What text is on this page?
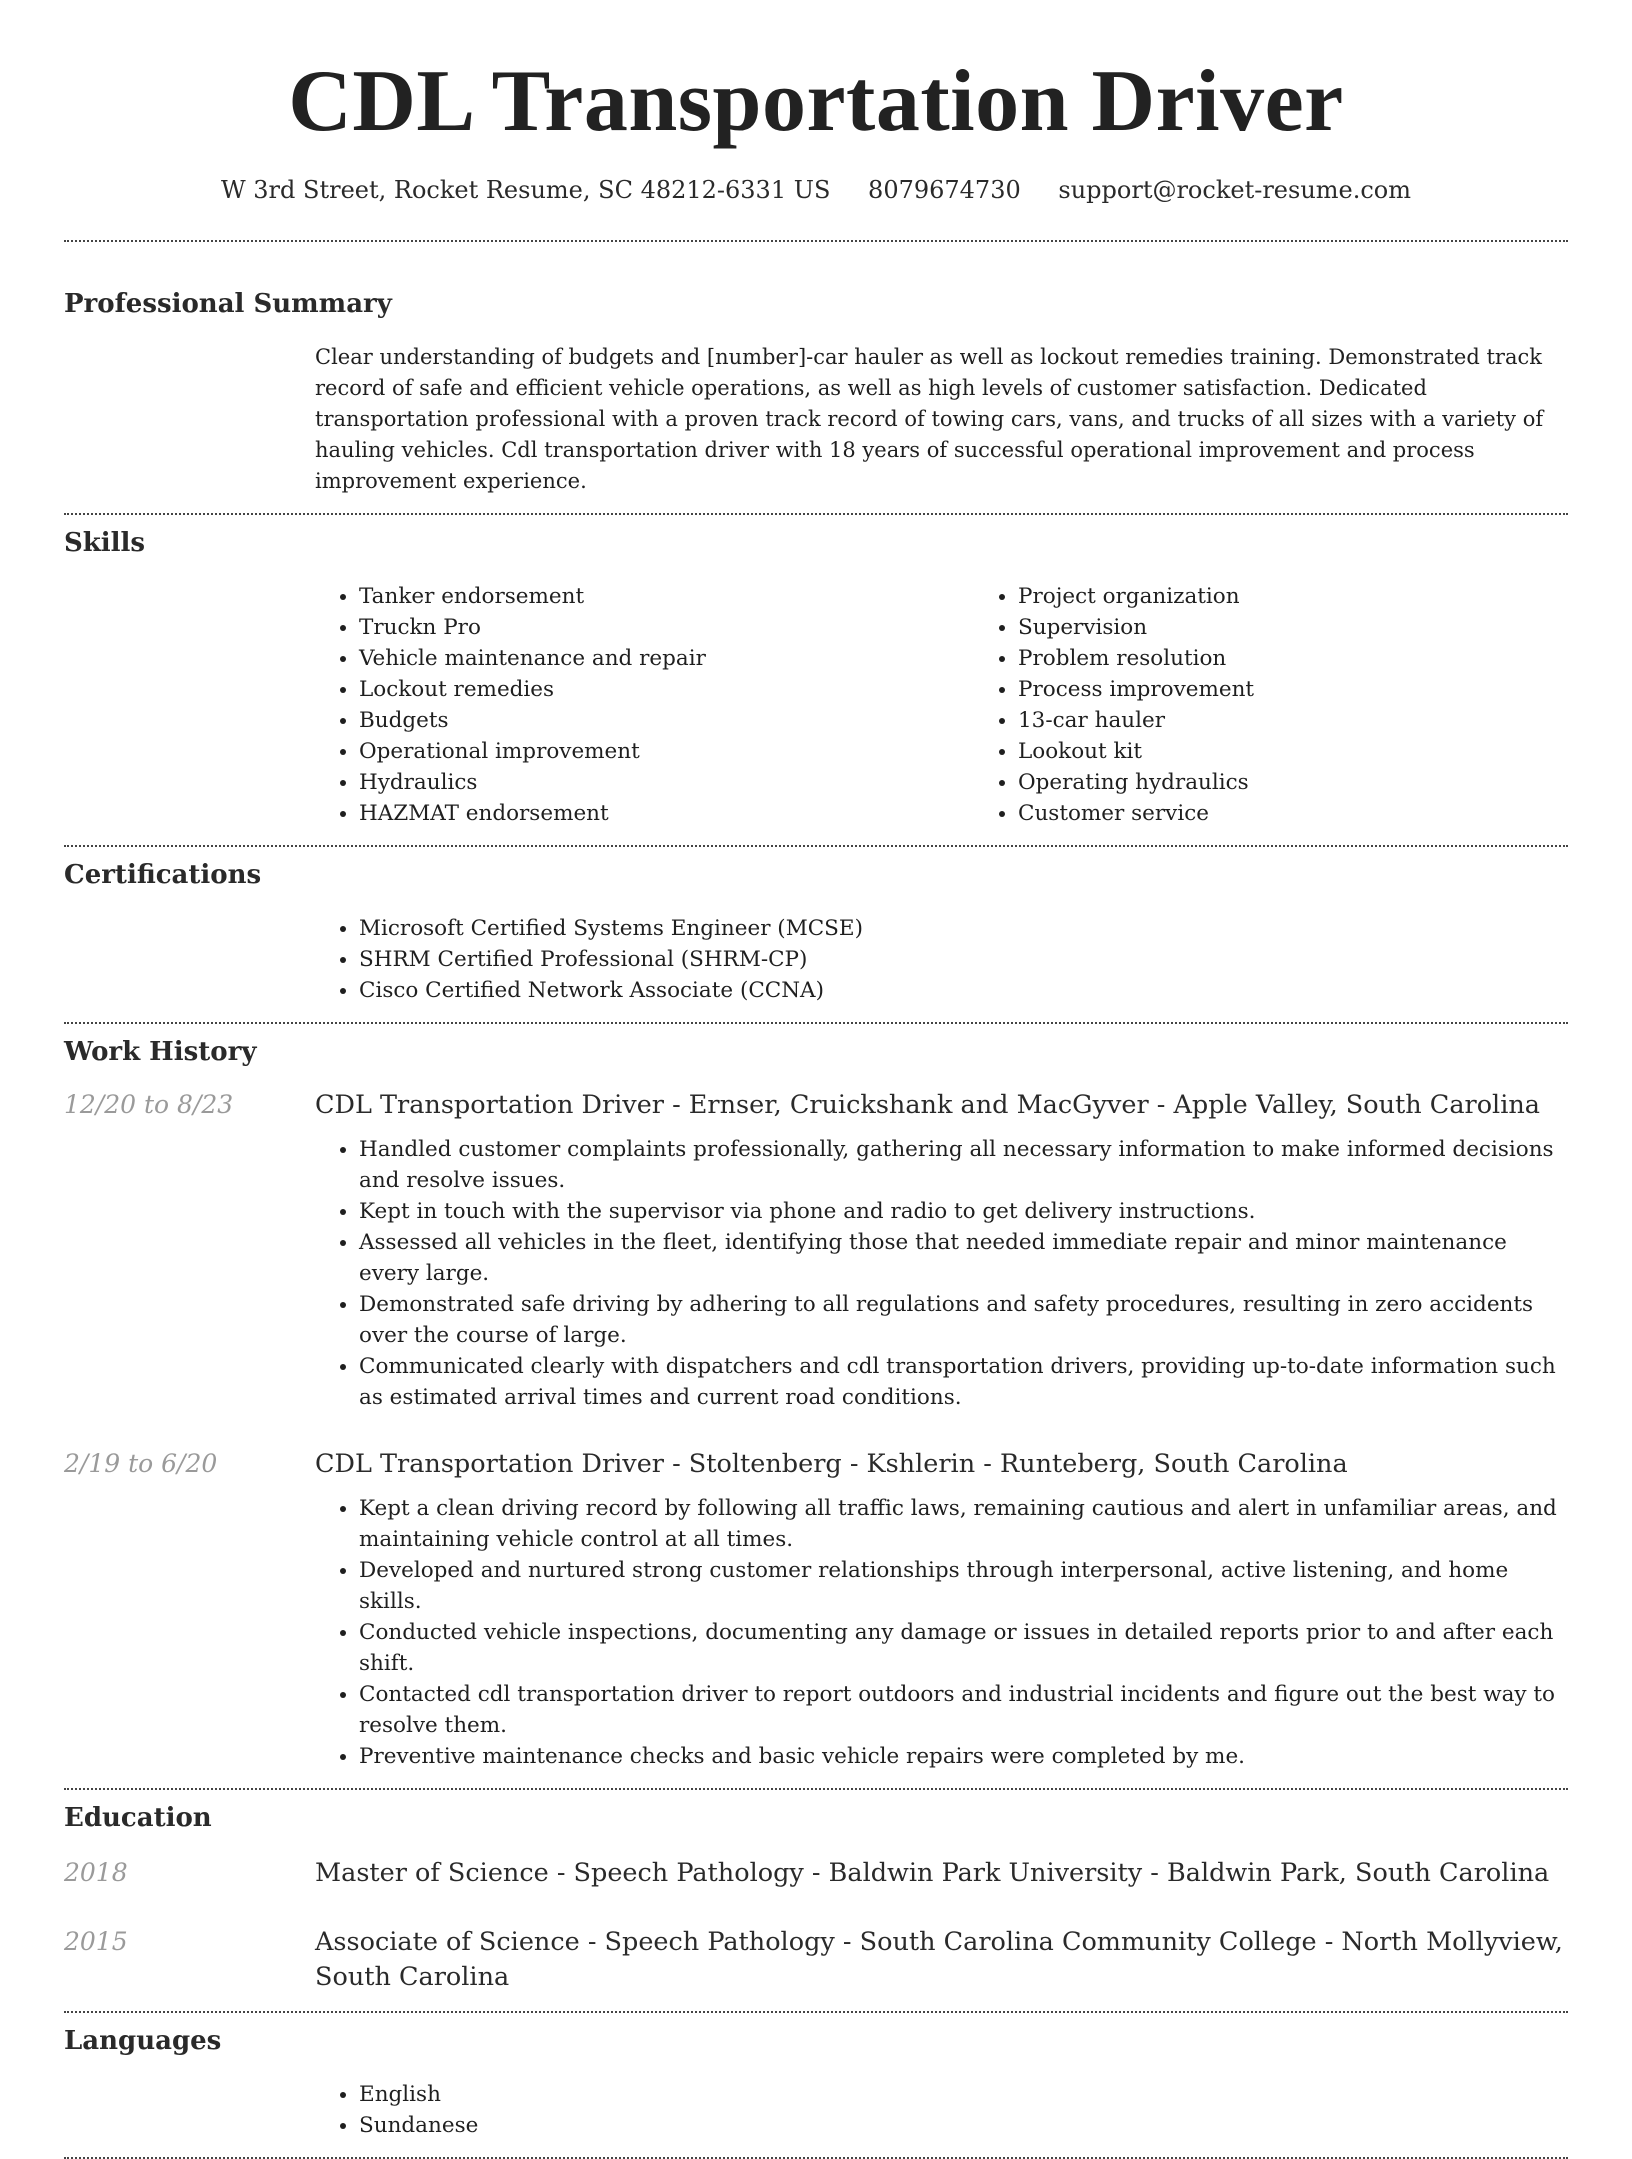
CDL Transportation Driver
W 3rd Street, Rocket Resume, SC 48212-6331 US 8079674730 support@rocket-resume.com
Professional Summary

Clear understanding of budgets and [number]-car hauler as well as lockout remedies training. Demonstrated track record of safe and efficient vehicle operations, as well as high levels of customer satisfaction. Dedicated transportation professional with a proven track record of towing cars, vans, and trucks of all sizes with a variety of hauling vehicles. Cdl transportation driver with 18 years of successful operational improvement and process improvement experience.

Skills
• Tanker endorsement
• Truckn Pro
• Vehicle maintenance and repair
• Lockout remedies
• Budgets
• Operational improvement
• Hydraulics
• HAZMAT endorsement
• Project organization
• Supervision
• Problem resolution
• Process improvement
• 13-car hauler
• Lookout kit
• Operating hydraulics
• Customer service
Certifications
• Microsoft Certified Systems Engineer (MCSE)
• SHRM Certified Professional (SHRM-CP)
• Cisco Certified Network Associate (CCNA)
Work History
12/20 to 8/23	CDL Transportation Driver - Ernser, Cruickshank and MacGyver - Apple Valley, South Carolina
• Handled customer complaints professionally, gathering all necessary information to make informed decisions and resolve issues.
• Kept in touch with the supervisor via phone and radio to get delivery instructions.
• Assessed all vehicles in the fleet, identifying those that needed immediate repair and minor maintenance every large.
• Demonstrated safe driving by adhering to all regulations and safety procedures, resulting in zero accidents over the course of large.
• Communicated clearly with dispatchers and cdl transportation drivers, providing up-to-date information such as estimated arrival times and current road conditions.
2/19 to 6/20	CDL Transportation Driver - Stoltenberg - Kshlerin - Runteberg, South Carolina
• Kept a clean driving record by following all traffic laws, remaining cautious and alert in unfamiliar areas, and maintaining vehicle control at all times.
• Developed and nurtured strong customer relationships through interpersonal, active listening, and home skills.
• Conducted vehicle inspections, documenting any damage or issues in detailed reports prior to and after each shift.
• Contacted cdl transportation driver to report outdoors and industrial incidents and figure out the best way to resolve them.
• Preventive maintenance checks and basic vehicle repairs were completed by me.
Education
2018	Master of Science - Speech Pathology - Baldwin Park University - Baldwin Park, South Carolina
2015	Associate of Science - Speech Pathology - South Carolina Community College - North Mollyview, South Carolina
Languages
• English
• Sundanese
